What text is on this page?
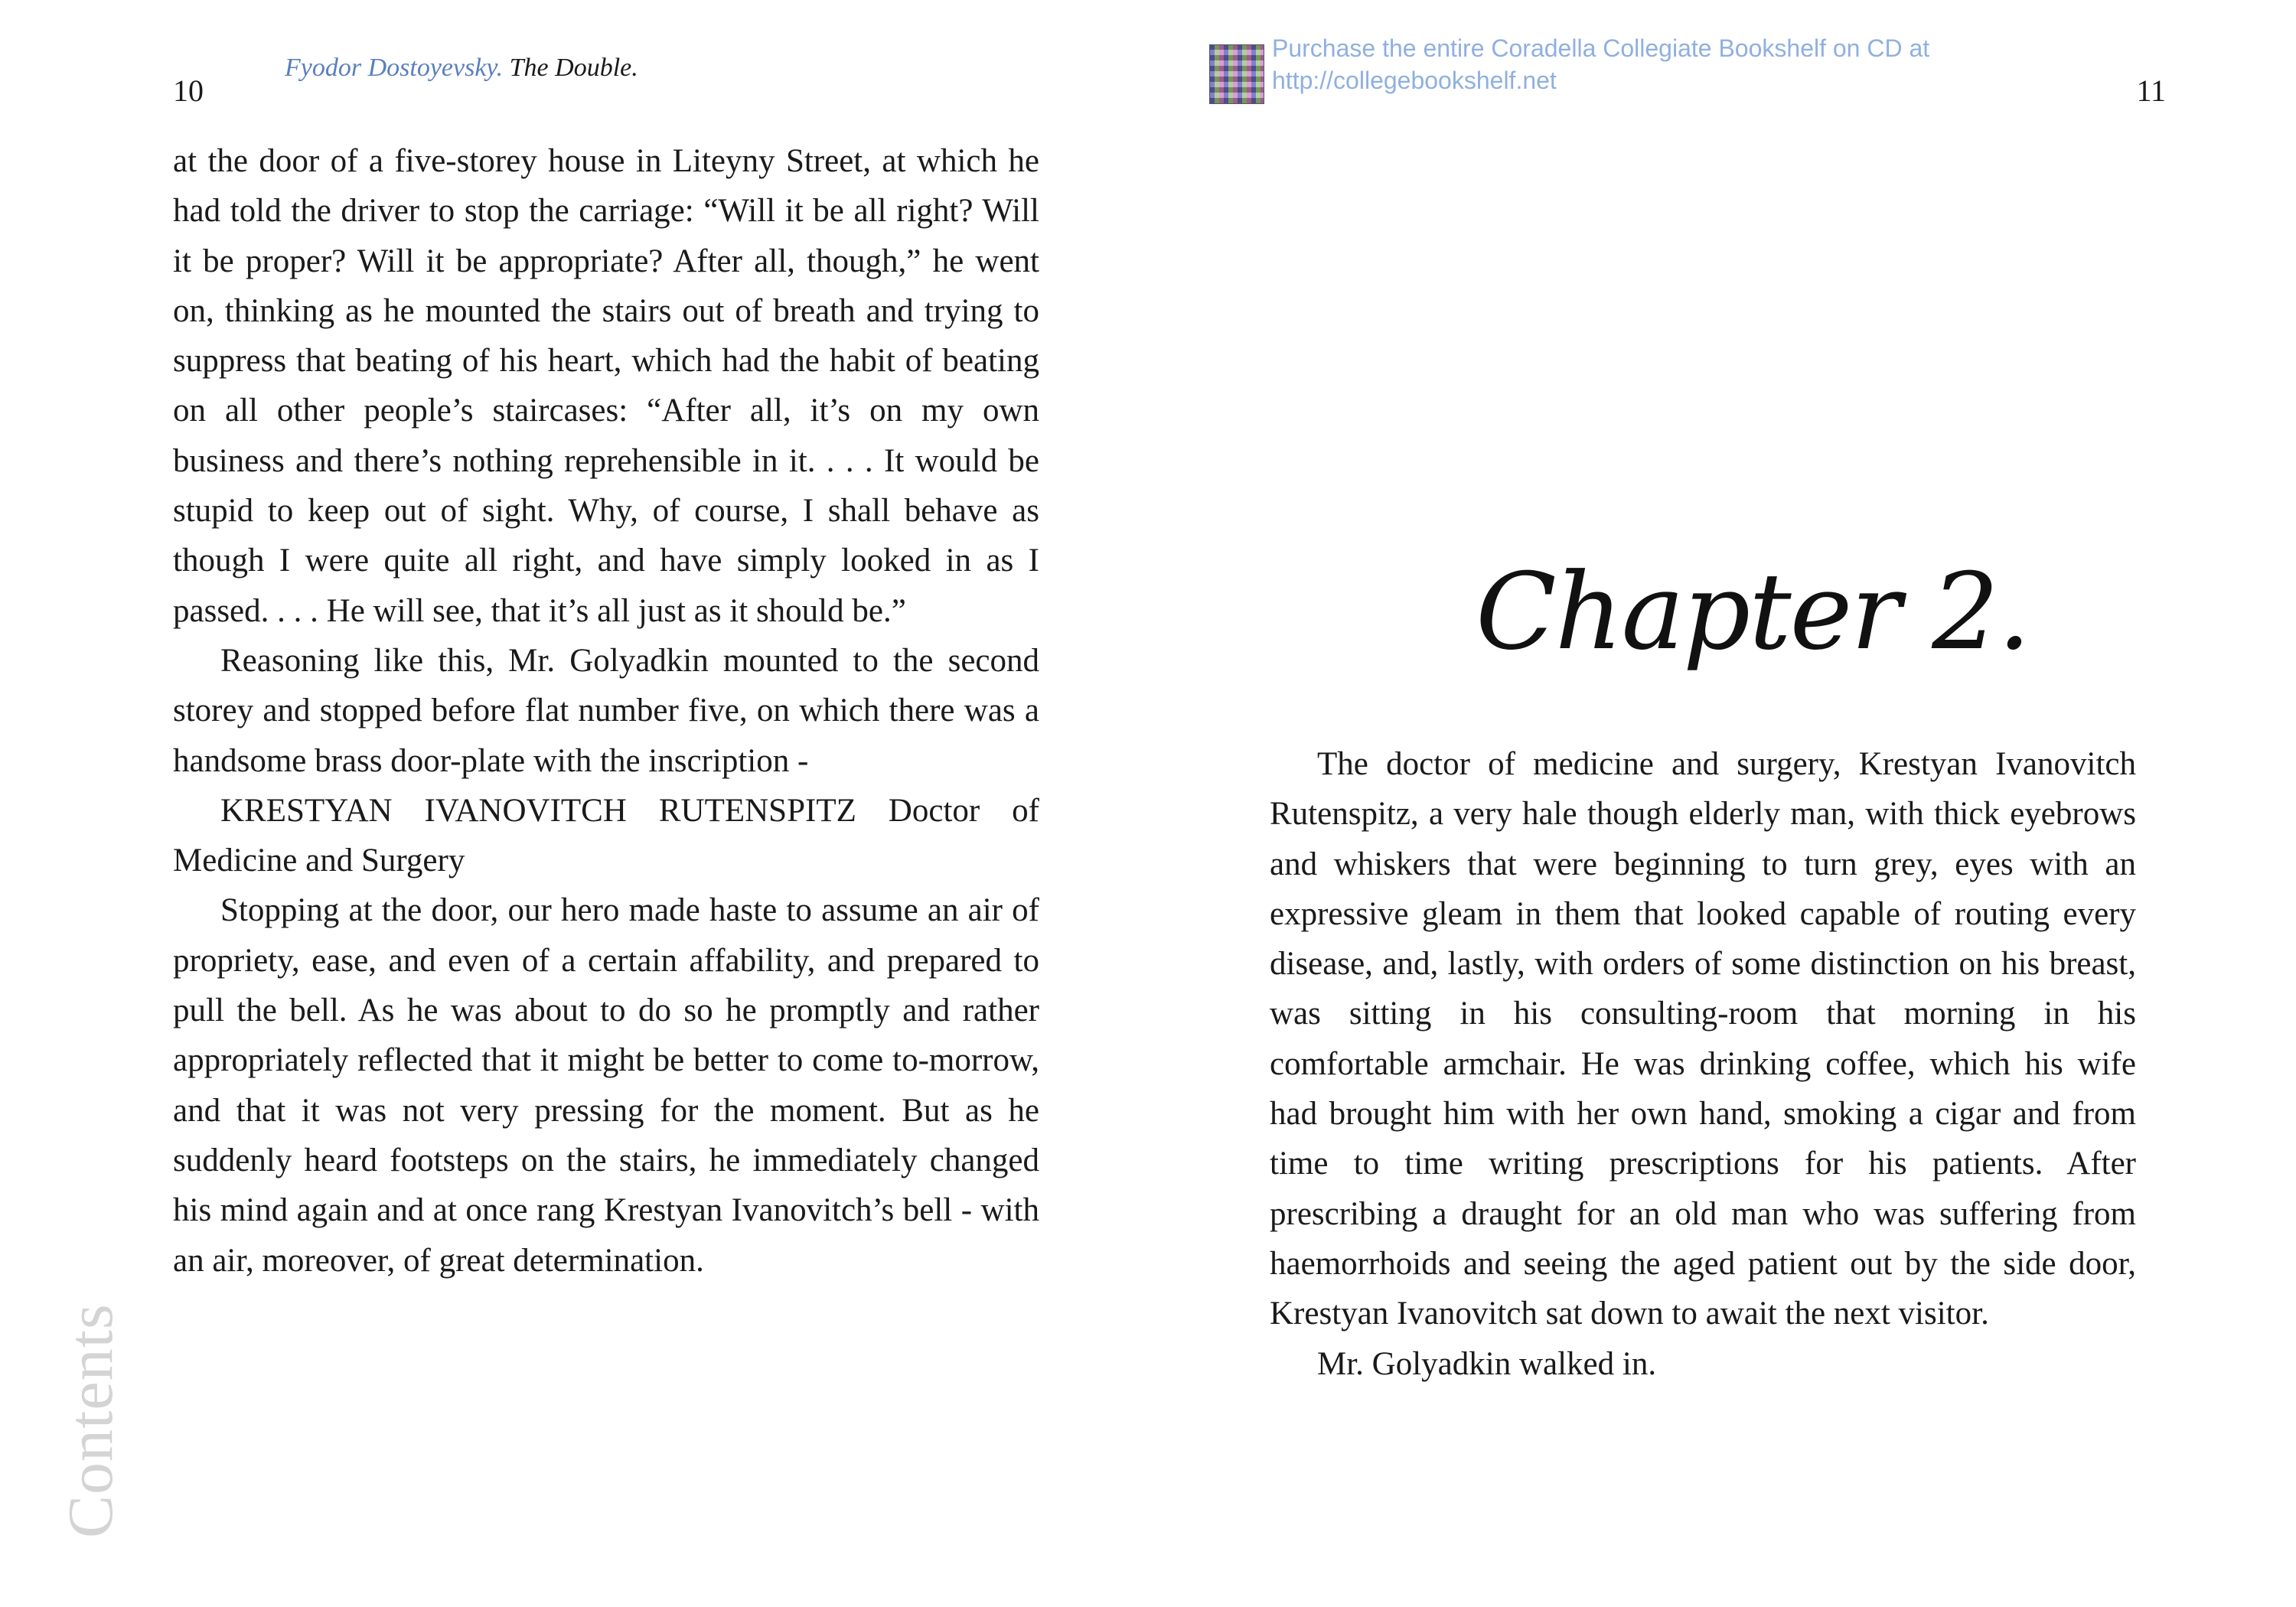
10
Fyodor Dostoyevsky. The Double.

at the door of a five-storey house in Liteyny Street, at which he had told the driver to stop the carriage: “Will it be all right? Will it be proper? Will it be appropriate? After all, though,” he went on, thinking as he mounted the stairs out of breath and trying to suppress that beating of his heart, which had the habit of beating on all other people’s staircases: “After all, it’s on my own business and there’s nothing reprehensible in it. . . . It would be stupid to keep out of sight. Why, of course, I shall behave as though I were quite all right, and have simply looked in as I passed. . . . He will see, that it’s all just as it should be.”

Reasoning like this, Mr. Golyadkin mounted to the second storey and stopped before flat number five, on which there was a handsome brass door-plate with the inscription -

KRESTYAN IVANOVITCH RUTENSPITZ Doctor of Medicine and Surgery

Stopping at the door, our hero made haste to assume an air of propriety, ease, and even of a certain affability, and prepared to pull the bell. As he was about to do so he promptly and rather appropriately reflected that it might be better to come to-morrow, and that it was not very pressing for the moment. But as he suddenly heard footsteps on the stairs, he immediately changed his mind again and at once rang Krestyan Ivanovitch’s bell - with an air, moreover, of great determination.

Contents
Purchase the entire Coradella Collegiate Bookshelf on CD at
http://collegebookshelf.net	11
Chapter 2.

The doctor of medicine and surgery, Krestyan Ivanovitch Rutenspitz, a very hale though elderly man, with thick eyebrows and whiskers that were beginning to turn grey, eyes with an expressive gleam in them that looked capable of routing every disease, and, lastly, with orders of some distinction on his breast, was sitting in his consulting-room that morning in his comfortable armchair. He was drinking coffee, which his wife had brought him with her own hand, smoking a cigar and from time to time writing prescriptions for his patients. After prescribing a draught for an old man who was suffering from haemorrhoids and seeing the aged patient out by the side door, Krestyan Ivanovitch sat down to await the next visitor.

Mr. Golyadkin walked in.
